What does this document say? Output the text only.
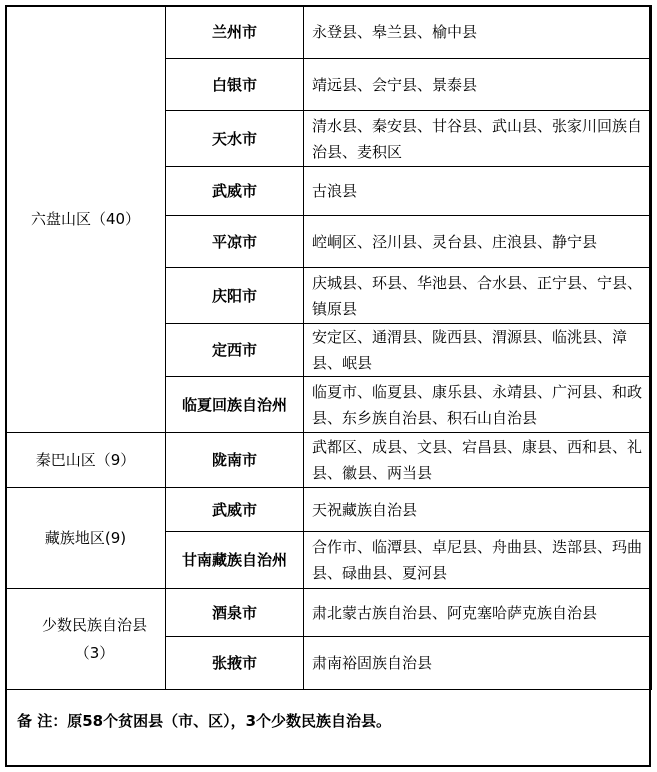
六盘山区（40）	兰州市	永登县、皋兰县、榆中县
	白银市	靖远县、会宁县、景泰县
	天水市	清水县、秦安县、甘谷县、武山县、张家川回族自治县、麦积区
	武威市	古浪县
	平凉市	崆峒区、泾川县、灵台县、庄浪县、静宁县
	庆阳市	庆城县、环县、华池县、合水县、正宁县、宁县、镇原县
	定西市	安定区、通渭县、陇西县、渭源县、临洮县、漳县、岷县
	临夏回族自治州	临夏市、临夏县、康乐县、永靖县、广河县、和政县、东乡族自治县、积石山自治县
秦巴山区（9）	陇南市	武都区、成县、文县、宕昌县、康县、西和县、礼县、徽县、两当县
藏族地区(9)	武威市	天祝藏族自治县
	甘南藏族自治州	合作市、临潭县、卓尼县、舟曲县、迭部县、玛曲县、碌曲县、夏河县
少数民族自治县（3）	酒泉市	肃北蒙古族自治县、阿克塞哈萨克族自治县
	张掖市	肃南裕固族自治县
备 注：原58个贫困县（市、区），3个少数民族自治县。
